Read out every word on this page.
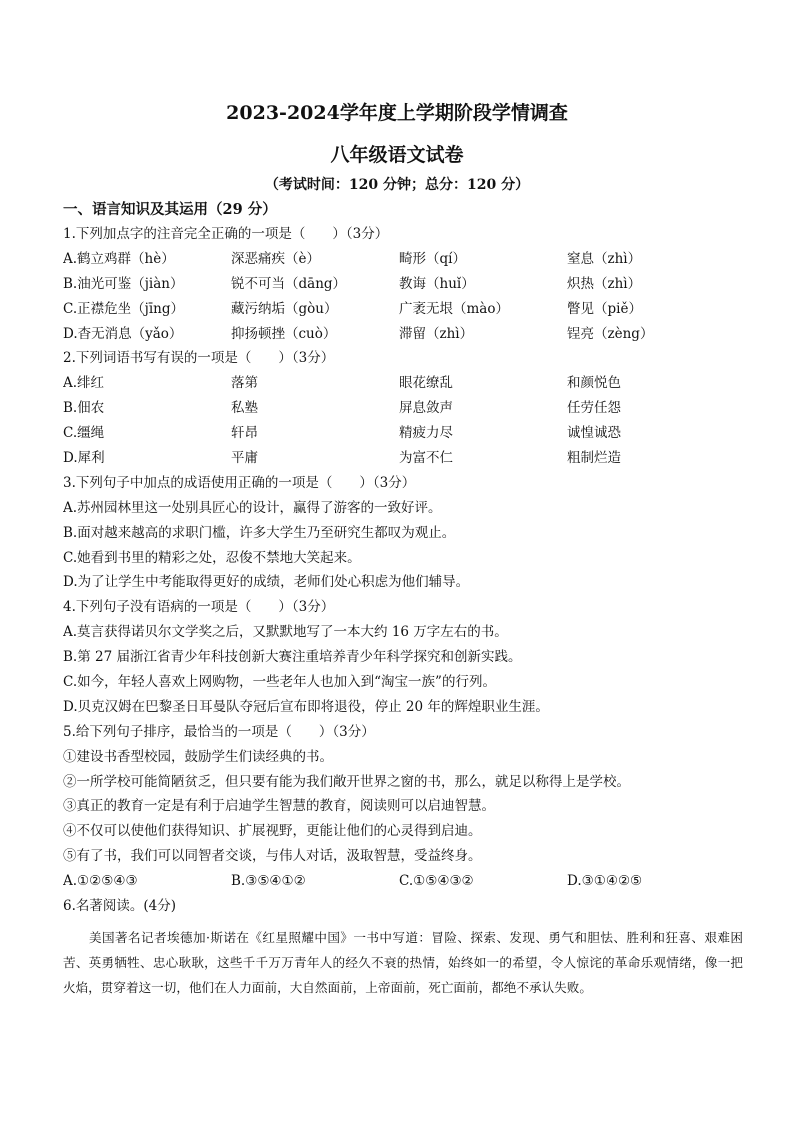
2023-2024学年度上学期阶段学情调查
八年级语文试卷
（考试时间：120 分钟；总分：120 分）
一、语言知识及其运用（29 分）
1.下列加点字的注音完全正确的一项是（　　）（3分）
A.鹤立鸡群（hè）	深恶痛疾（è）	畸形（qí）	窒息（zhì）
B.油光可鉴（jiàn）	锐不可当（dāng）	教诲（huǐ）	炽热（zhì）
C.正襟危坐（jīng）	藏污纳垢（gòu）	广袤无垠（mào）	瞥见（piě）
D.杳无消息（yǎo）	抑扬顿挫（cuò）	滞留（zhì）	锃亮（zèng）
2.下列词语书写有误的一项是（　　）（3分）
A.绯红	落第	眼花缭乱	和颜悦色
B.佃农	私塾	屏息敛声	任劳任怨
C.缰绳	轩昂	精疲力尽	诚惶诚恐
D.犀利	平庸	为富不仁	粗制烂造
3.下列句子中加点的成语使用正确的一项是（　　）（3分）
A.苏州园林里这一处别具匠心的设计，赢得了游客的一致好评。
B.面对越来越高的求职门槛，许多大学生乃至研究生都叹为观止。
C.她看到书里的精彩之处，忍俊不禁地大笑起来。
D.为了让学生中考能取得更好的成绩，老师们处心积虑为他们辅导。
4.下列句子没有语病的一项是（　　）（3分）
A.莫言获得诺贝尔文学奖之后，又默默地写了一本大约 16 万字左右的书。
B.第 27 届浙江省青少年科技创新大赛注重培养青少年科学探究和创新实践。
C.如今，年轻人喜欢上网购物，一些老年人也加入到“淘宝一族”的行列。
D.贝克汉姆在巴黎圣日耳曼队夺冠后宣布即将退役，停止 20 年的辉煌职业生涯。
5.给下列句子排序，最恰当的一项是（　　）（3分）
①建设书香型校园，鼓励学生们读经典的书。
②一所学校可能简陋贫乏，但只要有能为我们敞开世界之窗的书，那么，就足以称得上是学校。
③真正的教育一定是有利于启迪学生智慧的教育，阅读则可以启迪智慧。
④不仅可以使他们获得知识、扩展视野，更能让他们的心灵得到启迪。
⑤有了书，我们可以同智者交谈，与伟人对话，汲取智慧，受益终身。
A.①②⑤④③	B.③⑤④①②	C.①⑤④③②	D.③①④②⑤
6.名著阅读。(4分)
美国著名记者埃德加·斯诺在《红星照耀中国》一书中写道：冒险、探索、发现、勇气和胆怯、胜利和狂喜、艰难困苦、英勇牺牲、忠心耿耿，这些千千万万青年人的经久不衰的热情，始终如一的希望，令人惊诧的革命乐观情绪，像一把火焰，贯穿着这一切，他们在人力面前，大自然面前，上帝面前，死亡面前，都绝不承认失败。
